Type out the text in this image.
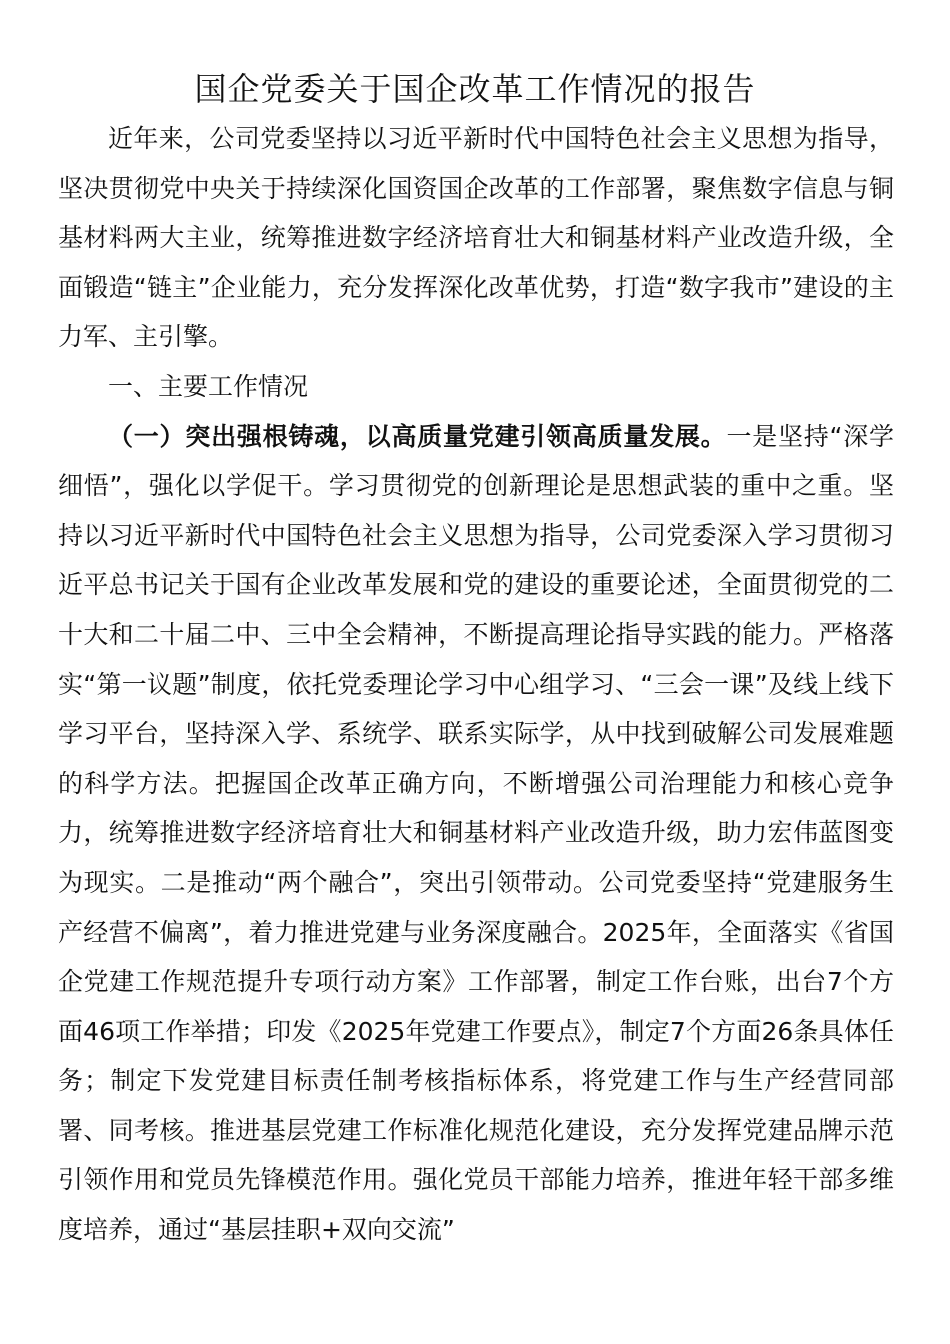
国企党委关于国企改革工作情况的报告

近年来，公司党委坚持以习近平新时代中国特色社会主义思想为指导，坚决贯彻党中央关于持续深化国资国企改革的工作部署，聚焦数字信息与铜基材料两大主业，统筹推进数字经济培育壮大和铜基材料产业改造升级，全面锻造“链主”企业能力，充分发挥深化改革优势，打造“数字我市”建设的主力军、主引擎。

一、主要工作情况

（一）突出强根铸魂，以高质量党建引领高质量发展。一是坚持“深学细悟”，强化以学促干。学习贯彻党的创新理论是思想武装的重中之重。坚持以习近平新时代中国特色社会主义思想为指导，公司党委深入学习贯彻习近平总书记关于国有企业改革发展和党的建设的重要论述，全面贯彻党的二十大和二十届二中、三中全会精神，不断提高理论指导实践的能力。严格落实“第一议题”制度，依托党委理论学习中心组学习、“三会一课”及线上线下学习平台，坚持深入学、系统学、联系实际学，从中找到破解公司发展难题的科学方法。把握国企改革正确方向，不断增强公司治理能力和核心竞争力，统筹推进数字经济培育壮大和铜基材料产业改造升级，助力宏伟蓝图变为现实。二是推动“两个融合”，突出引领带动。公司党委坚持“党建服务生产经营不偏离”，着力推进党建与业务深度融合。2025年，全面落实《省国企党建工作规范提升专项行动方案》工作部署，制定工作台账，出台7个方面46项工作举措；印发《2025年党建工作要点》，制定7个方面26条具体任务；制定下发党建目标责任制考核指标体系，将党建工作与生产经营同部署、同考核。推进基层党建工作标准化规范化建设，充分发挥党建品牌示范引领作用和党员先锋模范作用。强化党员干部能力培养，推进年轻干部多维度培养，通过“基层挂职+双向交流”
